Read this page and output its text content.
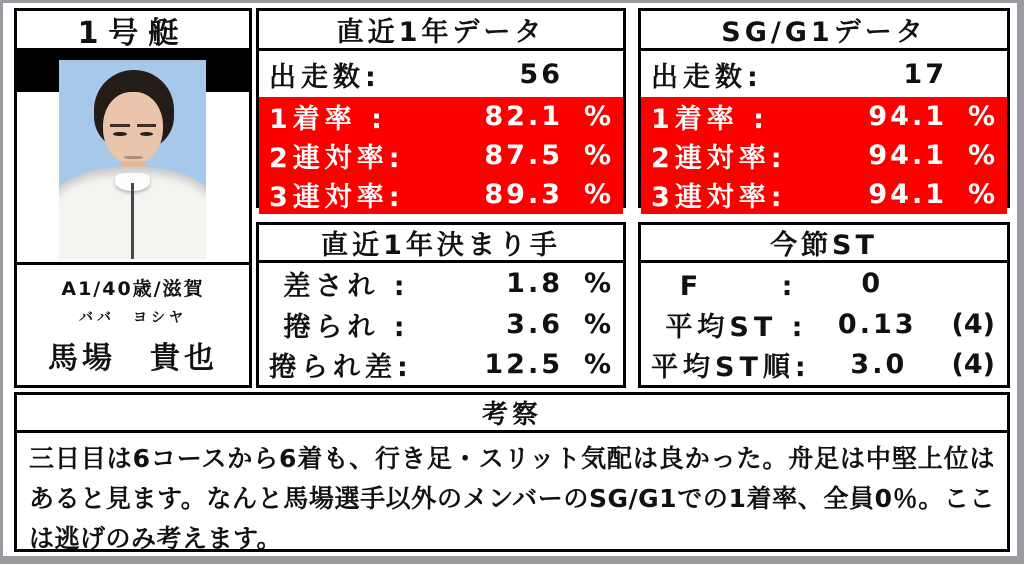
1号艇
A1/40歳/滋賀
ババ　ヨシヤ
馬場　貴也
直近1年データ
出走数:	56
1着率 :	82.1 %
2連対率:	87.5 %
3連対率:	89.3 %
SG/G1データ
出走数:	17
1着率 :	94.1 %
2連対率:	94.1 %
3連対率:	94.1 %
直近1年決まり手
差され :	1.8 %
捲られ :	3.6 %
捲られ差:	12.5 %
今節ST
F　　 :	0
平均ST :	0.13	(4)
平均ST順:	3.0	(4)
考察
三日目は6コースから6着も、行き足・スリット気配は良かった。舟足は中堅上位はあると見ます。なんと馬場選手以外のメンバーのSG/G1での1着率、全員0％。ここは逃げのみ考えます。
